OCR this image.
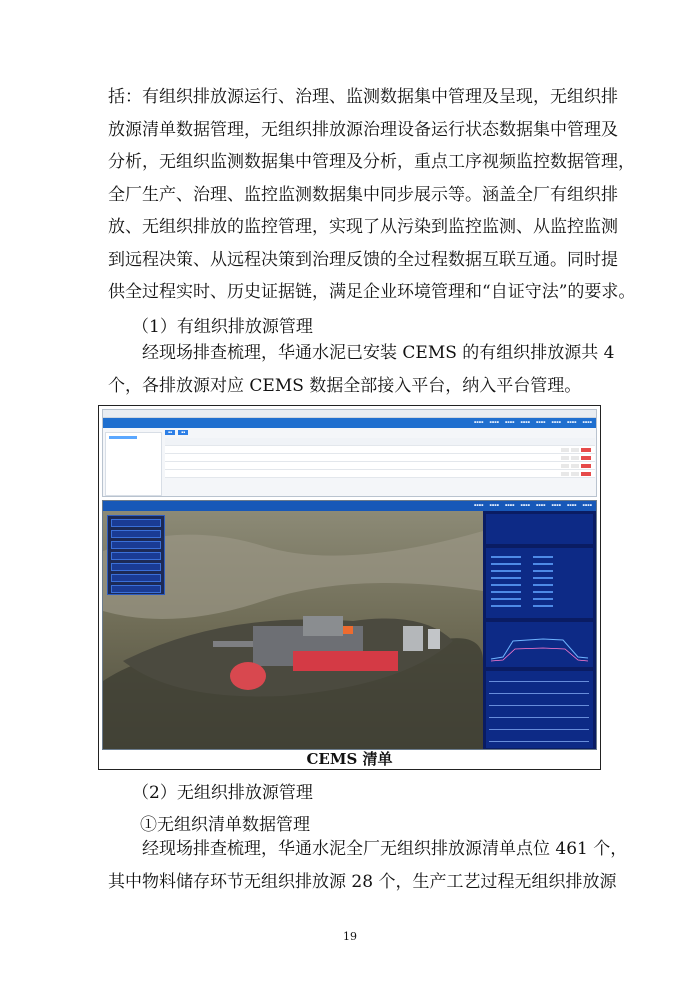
括：有组织排放源运行、治理、监测数据集中管理及呈现，无组织排
放源清单数据管理，无组织排放源治理设备运行状态数据集中管理及
分析，无组织监测数据集中管理及分析，重点工序视频监控数据管理，
全厂生产、治理、监控监测数据集中同步展示等。涵盖全厂有组织排
放、无组织排放的监控管理，实现了从污染到监控监测、从监控监测
到远程决策、从远程决策到治理反馈的全过程数据互联互通。同时提
供全过程实时、历史证据链，满足企业环境管理和“自证守法”的要求。
（1）有组织排放源管理
经现场排查梳理，华通水泥已安装 CEMS 的有组织排放源共 4
个，各排放源对应 CEMS 数据全部接入平台，纳入平台管理。
▪▪▪▪ ▪▪▪▪ ▪▪▪▪ ▪▪▪▪ ▪▪▪▪ ▪▪▪▪ ▪▪▪▪ ▪▪▪▪
▪▪	▪▪
▪▪▪▪ ▪▪▪▪ ▪▪▪▪ ▪▪▪▪ ▪▪▪▪ ▪▪▪▪ ▪▪▪▪ ▪▪▪▪
CEMS 清单
（2）无组织排放源管理
①无组织清单数据管理
经现场排查梳理，华通水泥全厂无组织排放源清单点位 461 个，
其中物料储存环节无组织排放源 28 个，生产工艺过程无组织排放源
19
